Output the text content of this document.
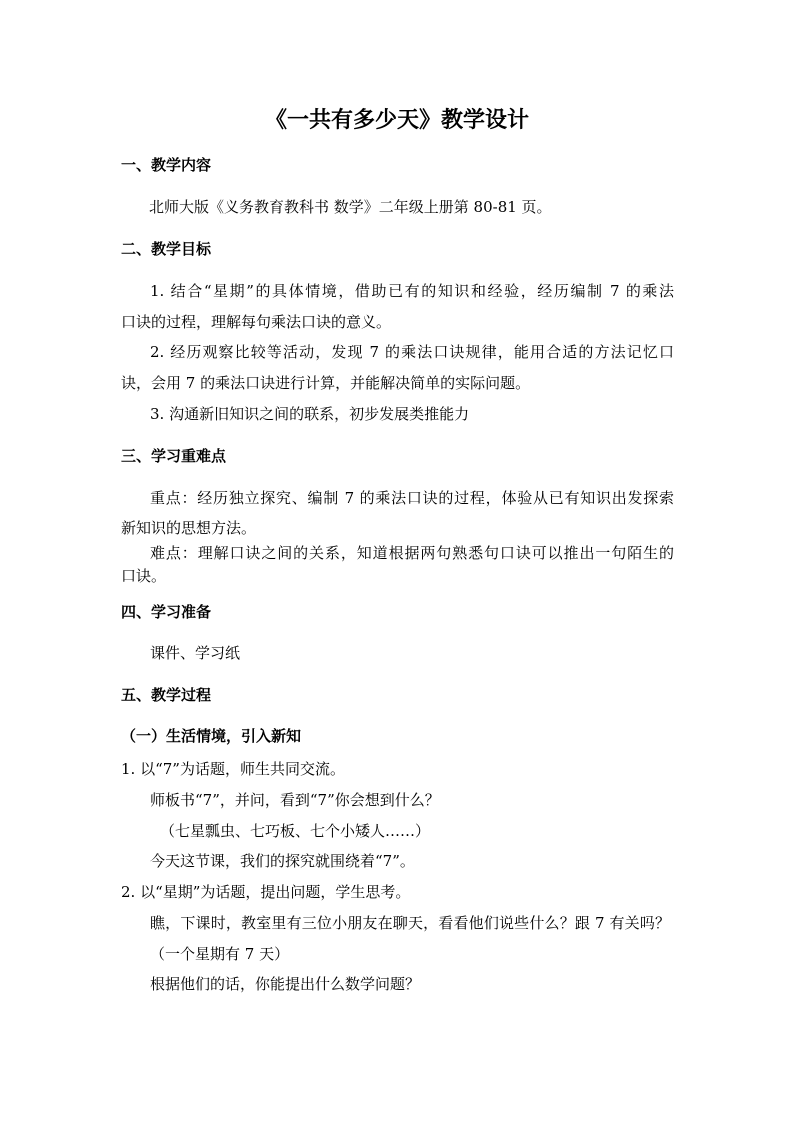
《一共有多少天》教学设计
一、教学内容
北师大版《义务教育教科书 数学》二年级上册第 80-81 页。
二、教学目标
1. 结合“星期”的具体情境，借助已有的知识和经验，经历编制 7 的乘法
口诀的过程，理解每句乘法口诀的意义。
2. 经历观察比较等活动，发现 7 的乘法口诀规律，能用合适的方法记忆口
诀，会用 7 的乘法口诀进行计算，并能解决简单的实际问题。
3. 沟通新旧知识之间的联系，初步发展类推能力
三、学习重难点
重点：经历独立探究、编制 7 的乘法口诀的过程，体验从已有知识出发探索
新知识的思想方法。
难点：理解口诀之间的关系，知道根据两句熟悉句口诀可以推出一句陌生的
口诀。
四、学习准备
课件、学习纸
五、教学过程
（一）生活情境，引入新知
1. 以“7”为话题，师生共同交流。
师板书“7”，并问，看到“7”你会想到什么？
（七星瓢虫、七巧板、七个小矮人……）
今天这节课，我们的探究就围绕着“7”。
2. 以“星期”为话题，提出问题，学生思考。
瞧，下课时，教室里有三位小朋友在聊天，看看他们说些什么？跟 7 有关吗？
（一个星期有 7 天）
根据他们的话，你能提出什么数学问题？
